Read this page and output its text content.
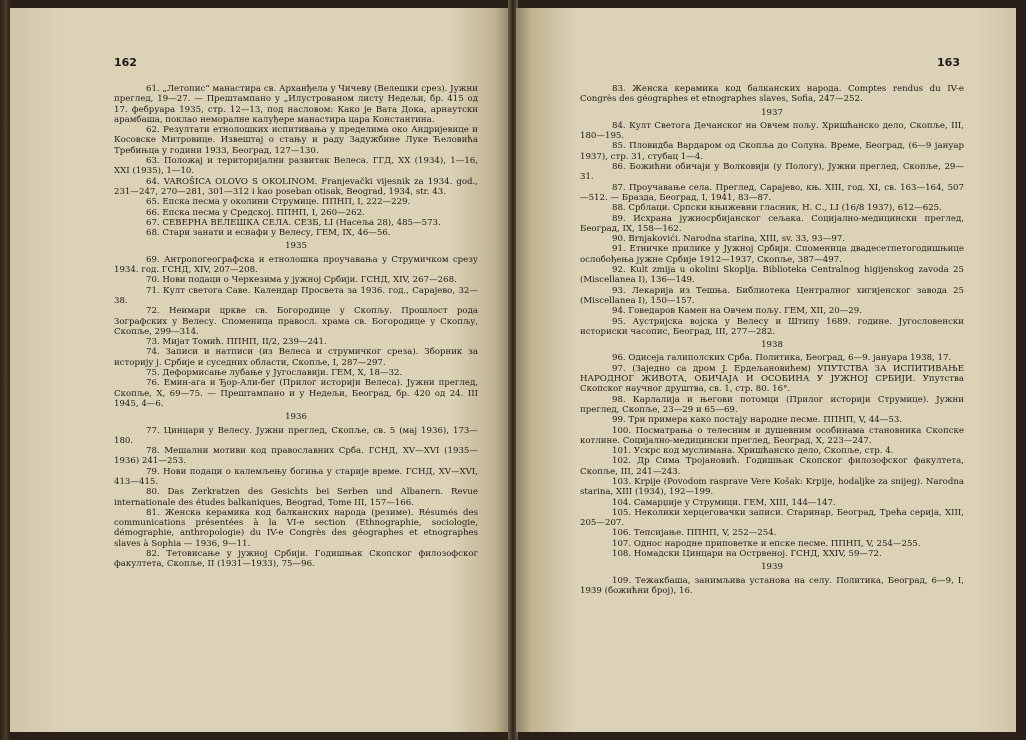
162

61. „Летопис“ манастира св. Арханђела у Чичеву (Велешки срез). Јужни преглед, 19—27. — Прештампано у „Илустрованом листу Недељи, бр. 415 од 17. фебруара 1935, стр. 12—13, под насловом: Како је Вата Дока, арнаутски арамбаша, поклао неморалне калуђере манастира цара Константина.

62. Резултати етнолошких испитивања у пределима око Андријевице и Косовске Митровице. Извештај о стању и раду Задужбине Луке Ћеловића Требињца у години 1933, Београд, 127—130.

63. Положај и територијални развитак Велеса. ГГД, XX (1934), 1—16, XXI (1935), 1—10.

64. VAROŠICA OLOVO S OKOLINOM. Franjevački vijesnik za 1934. god., 231—247, 270—281, 301—312 i kao poseban otisak, Beograd, 1934, str. 43.

65. Епска песма у околини Струмице. ППНП, I, 222—229.

66. Епска песма у Средској. ППНП, I, 260—262.

67. СЕВЕРНА ВЕЛЕШКА СЕЛА. СЕЗБ, LI (Насеља 28), 485—573.

68. Стари занати и еснафи у Велесу, ГЕМ, IX, 46—56.

1935

69. Антропогеографска и етнолошка проучавања у Струмичком срезу 1934. год. ГСНД, XIV, 207—208.

70. Нови подаци о Черкезима у јужној Србији. ГСНД, XIV, 267—268.

71. Култ светога Саве. Календар Просвета за 1936. год., Сарајево, 32—38.

72. Неимари цркве св. Богородице у Скопљу. Прошлост рода Зографских у Велесу. Споменица правосл. храма св. Богородице у Скопљу, Скопље, 299—314.

73. Мијат Томић. ППНП, II/2, 239—241.

74. Записи и натписи (из Велеса и струмичког среза). Зборник за историју ј. Србије и суседних области, Скопље, I, 287—297.

75. Деформисање лубање у Југославији. ГЕМ, X, 18—32.

76. Емин-ага и Ђор-Али-бег (Прилог историји Велеса). Јужни преглед, Скопље, X, 69—75. — Прештампано и у Недељи, Београд, бр. 420 од 24. III 1945, 4—6.

1936

77. Цинцари у Велесу. Јужни преглед, Скопље, св. 5 (мај 1936), 173—180.

78. Мешални мотиви код православних Срба. ГСНД, XV—XVI (1935—1936) 241—253.

79. Нови подаци о калемљењу богиња у старије време. ГСНД, XV—XVI, 413—415.

80. Das Zerkratzen des Gesichts bei Serben und Albanern. Revue internationale des études balkaniques, Beograd, Tome III, 157—166.

81. Женска керамика код балканских народа (резиме). Résumés des communications présentées à la VI-e section (Ethnographie, sociologie, démographie, anthropologie) du IV-e Congrès des géographes et etnographes slaves à Sophia — 1936, 9—11.

82. Тетовисање у јужној Србији. Годишњак Скопског филозофског факултета, Скопље, II (1931—1933), 75—96.

163

83. Женска керамика код балканских народа. Comptes rendus du IV-e Congrès des géographes et etnographes slaves, Sofia, 247—252.

1937

84. Култ Светога Дечанског на Овчем пољу. Хришћанско дело, Скопље, III, 180—195.

85. Пловидба Вардаром од Скопља до Солуна. Време, Београд, (6—9 јануар 1937), стр. 31, стубац 1—4.

86. Божићни обичаји у Волковији (у Пологу), Јужни преглед, Скопље, 29—31.

87. Проучавање села. Преглед, Сарајево, књ. XIII, год. XI, св. 163—164, 507—512. — Бразда, Београд, I, 1941, 83—87.

88. Срблаци. Српски књижевни гласник, Н. С., LI (16/8 1937), 612—625.

89. Исхрана јужносрбијанског сељака. Социјално-медицински преглед, Београд, IX, 158—162.

90. Brnjakovići. Narodna starina, XIII, sv. 33, 93—97.

91. Етничке прилике у Јужној Србији. Споменица двадесетпетогодишњице ослобођења јужне Србије 1912—1937, Скопље, 387—497.

92. Kult zmija u okolini Skoplja. Biblioteka Centralnog higijenskog zavoda 25 (Miscellanea I), 136—149.

93. Лекарија из Тешња. Библиотека Централног хигијенског завода 25 (Miscellanea I), 150—157.

94. Говедаров Камен на Овчем пољу. ГЕМ, XII, 20—29.

95. Аустријска војска у Велесу и Штипу 1689. године. Југословенски историски часопис, Београд, III, 277—282.

1938

96. Одисеја галиполских Срба. Политика, Београд, 6—9. јануара 1938, 17.

97. (Заједно са дром J. Ердељановићем) УПУТСТВА ЗА ИСПИТИВАЊЕ НАРОДНОГ ЖИВОТА, ОБИЧАЈА И ОСОБИНА У ЈУЖНОЈ СРБИЈИ. Упутства Скопског научног друштва, св. 1, стр. 80. 16°.

98. Карлалија и његови потомци (Прилог историји Струмице). Јужни преглед, Скопље, 23—29 и 65—69.

99. Три примера како постају народне песме. ППНП, V, 44—53.

100. Посматрања о телесним и душевним особинама становника Скопске котлине. Социјално-медицински преглед, Београд, X, 223—247.

101. Ускрс код муслимана. Хришћанско дело, Скопље, стр. 4.

102. Др Сима Тројановић. Годишњак Скопског филозофског факултета, Скопље, III, 241—243.

103. Krpije (Povodom rasprave Vere Košak: Krpije, hodalјke za snijeg). Narodna starina, XIII (1934), 192—199.

104. Самарџије у Струмици. ГЕМ, XIII, 144—147.

105. Неколики херцеговачки записи. Старинар, Београд, Трећа серија, XIII, 205—207.

106. Тепсијање. ППНП, V, 252—254.

107. Однос народне приповетке и епске песме. ППНП, V, 254—255.

108. Номадски Цинцари на Острвеној. ГСНД, XXIV, 59—72.

1939

109. Тежакбаша, занимљива установа на селу. Политика, Београд, 6—9, I, 1939 (божићни број), 16.
